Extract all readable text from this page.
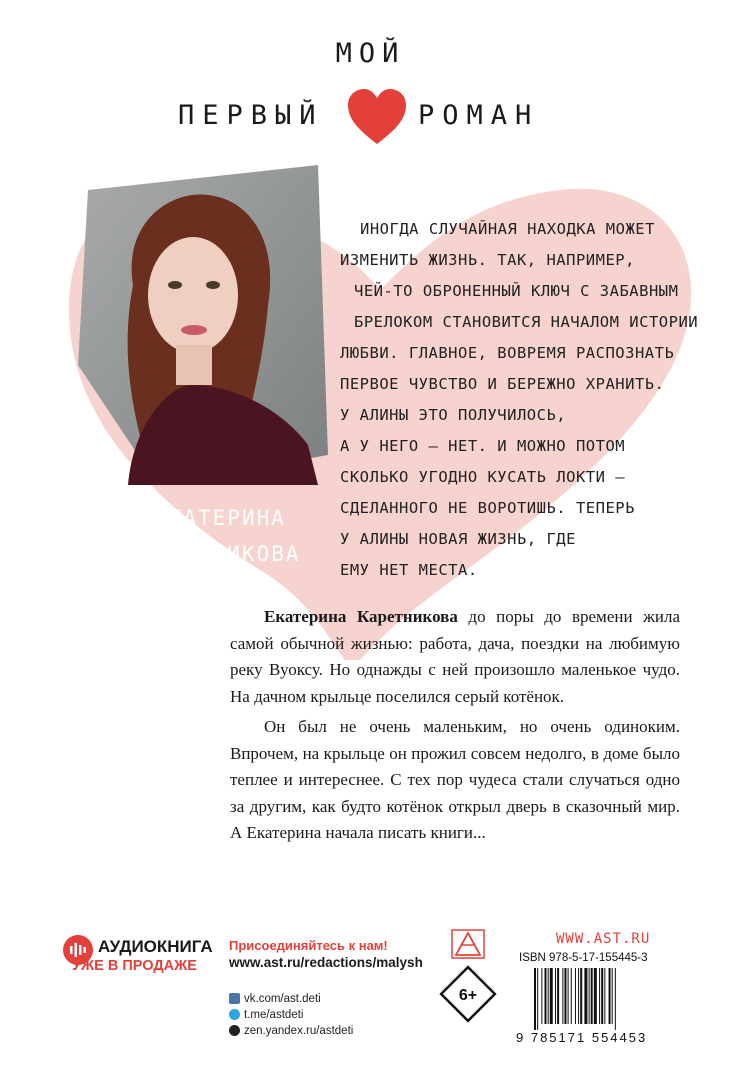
МОЙ
ПЕРВЫЙ	РОМАН
ЕКАТЕРИНА
КАРЕТНИКОВА

ИНОГДА СЛУЧАЙНАЯ НАХОДКА МОЖЕТ

ИЗМЕНИТЬ ЖИЗНЬ. ТАК, НАПРИМЕР,

ЧЕЙ-ТО ОБРОНЕННЫЙ КЛЮЧ С ЗАБАВНЫМ

БРЕЛОКОМ СТАНОВИТСЯ НАЧАЛОМ ИСТОРИИ

ЛЮБВИ. ГЛАВНОЕ, ВОВРЕМЯ РАСПОЗНАТЬ

ПЕРВОЕ ЧУВСТВО И БЕРЕЖНО ХРАНИТЬ.

У АЛИНЫ ЭТО ПОЛУЧИЛОСЬ,

А У НЕГО — НЕТ. И МОЖНО ПОТОМ

СКОЛЬКО УГОДНО КУСАТЬ ЛОКТИ —

СДЕЛАННОГО НЕ ВОРОТИШЬ. ТЕПЕРЬ

У АЛИНЫ НОВАЯ ЖИЗНЬ, ГДЕ

ЕМУ НЕТ МЕСТА.

Екатерина Каретникова до поры до времени жила самой обычной жизнью: работа, дача, поездки на любимую реку Вуоксу. Но однажды с ней произошло маленькое чудо. На дачном крыльце поселился серый котёнок.

Он был не очень маленьким, но очень одиноким. Впрочем, на крыльце он прожил совсем недолго, в доме было теплее и интереснее. С тех пор чудеса стали случаться одно за другим, как будто котёнок открыл дверь в сказочный мир. А Екатерина начала писать книги...

АУДИОКНИГА
УЖЕ В ПРОДАЖЕ
Присоединяйтесь к нам!
www.ast.ru/redactions/malysh
vk.com/ast.deti
t.me/astdeti
zen.yandex.ru/astdeti
6+
WWW.AST.RU
ISBN 978-5-17-155445-3
9 785171 554453
